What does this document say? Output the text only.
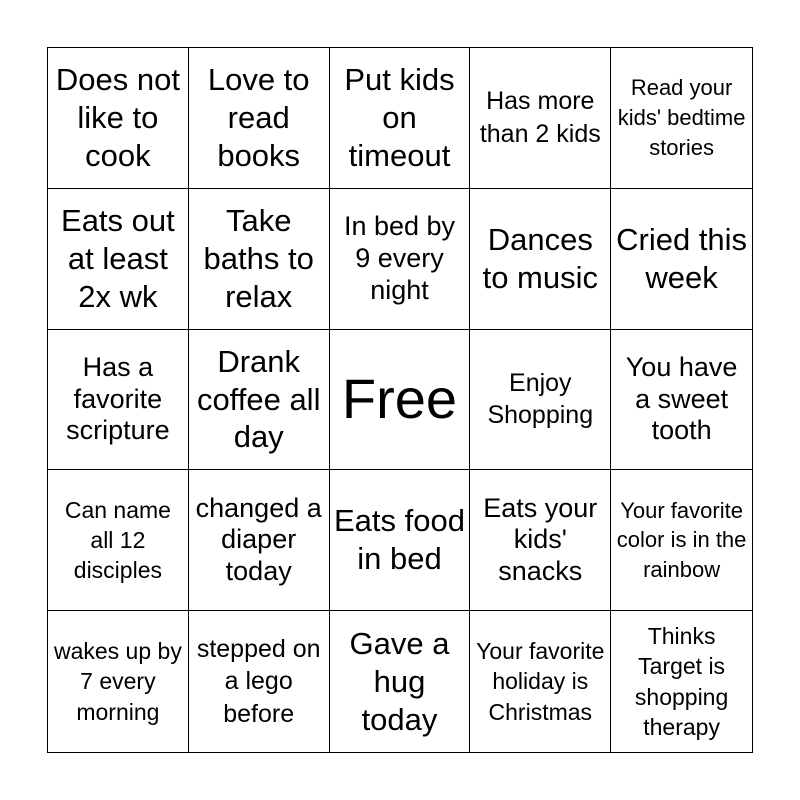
Does not like to cook
Love to read books
Put kids on timeout
Has more than 2 kids
Read your kids' bedtime stories
Eats out at least 2x wk
Take baths to relax
In bed by 9 every night
Dances to music
Cried this week
Has a favorite scripture
Drank coffee all day
Free	Enjoy Shopping
You have a sweet tooth
Can name all 12 disciples
changed a diaper today
Eats food in bed
Eats your kids' snacks
Your favorite color is in the rainbow
wakes up by 7 every morning
stepped on a lego before
Gave a hug today
Your favorite holiday is Christmas
Thinks Target is shopping therapy
